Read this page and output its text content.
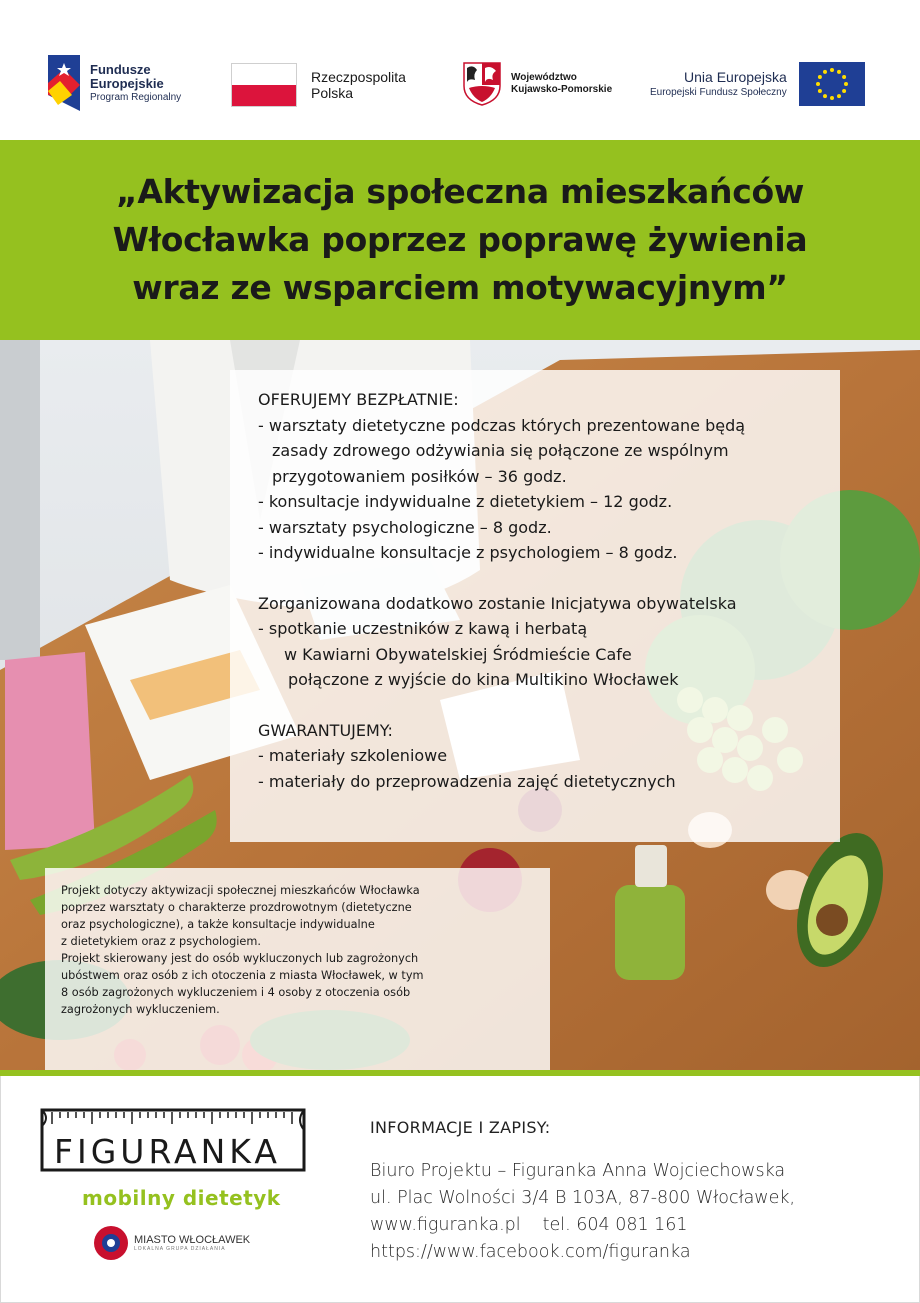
Fundusze
Europejskie
Program Regionalny
Rzeczpospolita
Polska
Województwo
Kujawsko-Pomorskie
Unia Europejska
Europejski Fundusz Społeczny
„Aktywizacja społeczna mieszkańców
Włocławka poprzez poprawę żywienia
wraz ze wsparciem motywacyjnym”
OFERUJEMY BEZPŁATNIE:
- warsztaty dietetyczne podczas których prezentowane będą
zasady zdrowego odżywiania się połączone ze wspólnym
przygotowaniem posiłków – 36 godz.
- konsultacje indywidualne z dietetykiem – 12 godz.
- warsztaty psychologiczne – 8 godz.
- indywidualne konsultacje z psychologiem – 8 godz.
Zorganizowana dodatkowo zostanie Inicjatywa obywatelska
- spotkanie uczestników z kawą i herbatą
w Kawiarni Obywatelskiej Śródmieście Cafe
połączone z wyjście do kina Multikino Włocławek
GWARANTUJEMY:
- materiały szkoleniowe
- materiały do przeprowadzenia zajęć dietetycznych
Projekt dotyczy aktywizacji społecznej mieszkańców Włocławka
poprzez warsztaty o charakterze prozdrowotnym (dietetyczne
oraz psychologiczne), a także konsultacje indywidualne
z dietetykiem oraz z psychologiem.
Projekt skierowany jest do osób wykluczonych lub zagrożonych
ubóstwem oraz osób z ich otoczenia z miasta Włocławek, w tym
8 osób zagrożonych wykluczeniem i 4 osoby z otoczenia osób
zagrożonych wykluczeniem.
FIGURANKA
mobilny dietetyk
MIASTO WŁOCŁAWEK
LOKALNA GRUPA DZIAŁANIA
INFORMACJE I ZAPISY:
Biuro Projektu – Figuranka Anna Wojciechowska
ul. Plac Wolności 3/4 B 103A, 87-800 Włocławek,
www.figuranka.pl tel. 604 081 161
https://www.facebook.com/figuranka
